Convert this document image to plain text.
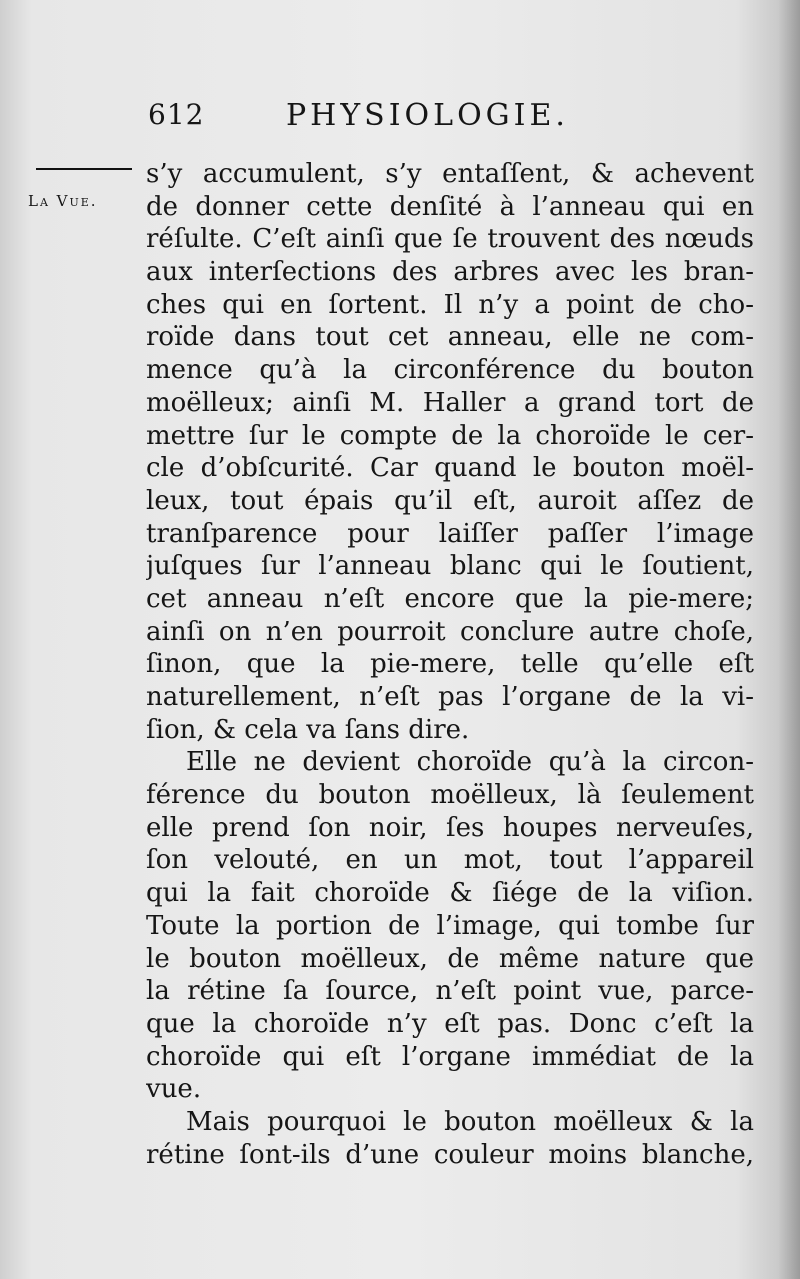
612	PHYSIOLOGIE.
La Vue.
s’y accumulent, s’y entaſſent, & achevent
de donner cette denſité à l’anneau qui en
réſulte. C’eſt ainſi que ſe trouvent des nœuds
aux interſections des arbres avec les bran-
ches qui en ſortent. Il n’y a point de cho-
roïde dans tout cet anneau, elle ne com-
mence qu’à la circonférence du bouton
moëlleux; ainſi M. Haller a grand tort de
mettre ſur le compte de la choroïde le cer-
cle d’obſcurité. Car quand le bouton moël-
leux, tout épais qu’il eſt, auroit aſſez de
tranſparence pour laiſſer paſſer l’image
juſques ſur l’anneau blanc qui le ſoutient,
cet anneau n’eſt encore que la pie-mere;
ainſi on n’en pourroit conclure autre choſe,
ſinon, que la pie-mere, telle qu’elle eſt
naturellement, n’eſt pas l’organe de la vi-
ſion, & cela va ſans dire.
Elle ne devient choroïde qu’à la circon-
férence du bouton moëlleux, là ſeulement
elle prend ſon noir, ſes houpes nerveuſes,
ſon velouté, en un mot, tout l’appareil
qui la fait choroïde & ſiége de la viſion.
Toute la portion de l’image, qui tombe ſur
le bouton moëlleux, de même nature que
la rétine ſa ſource, n’eſt point vue, parce-
que la choroïde n’y eſt pas. Donc c’eſt la
choroïde qui eſt l’organe immédiat de la
vue.
Mais pourquoi le bouton moëlleux & la
rétine ſont-ils d’une couleur moins blanche,
